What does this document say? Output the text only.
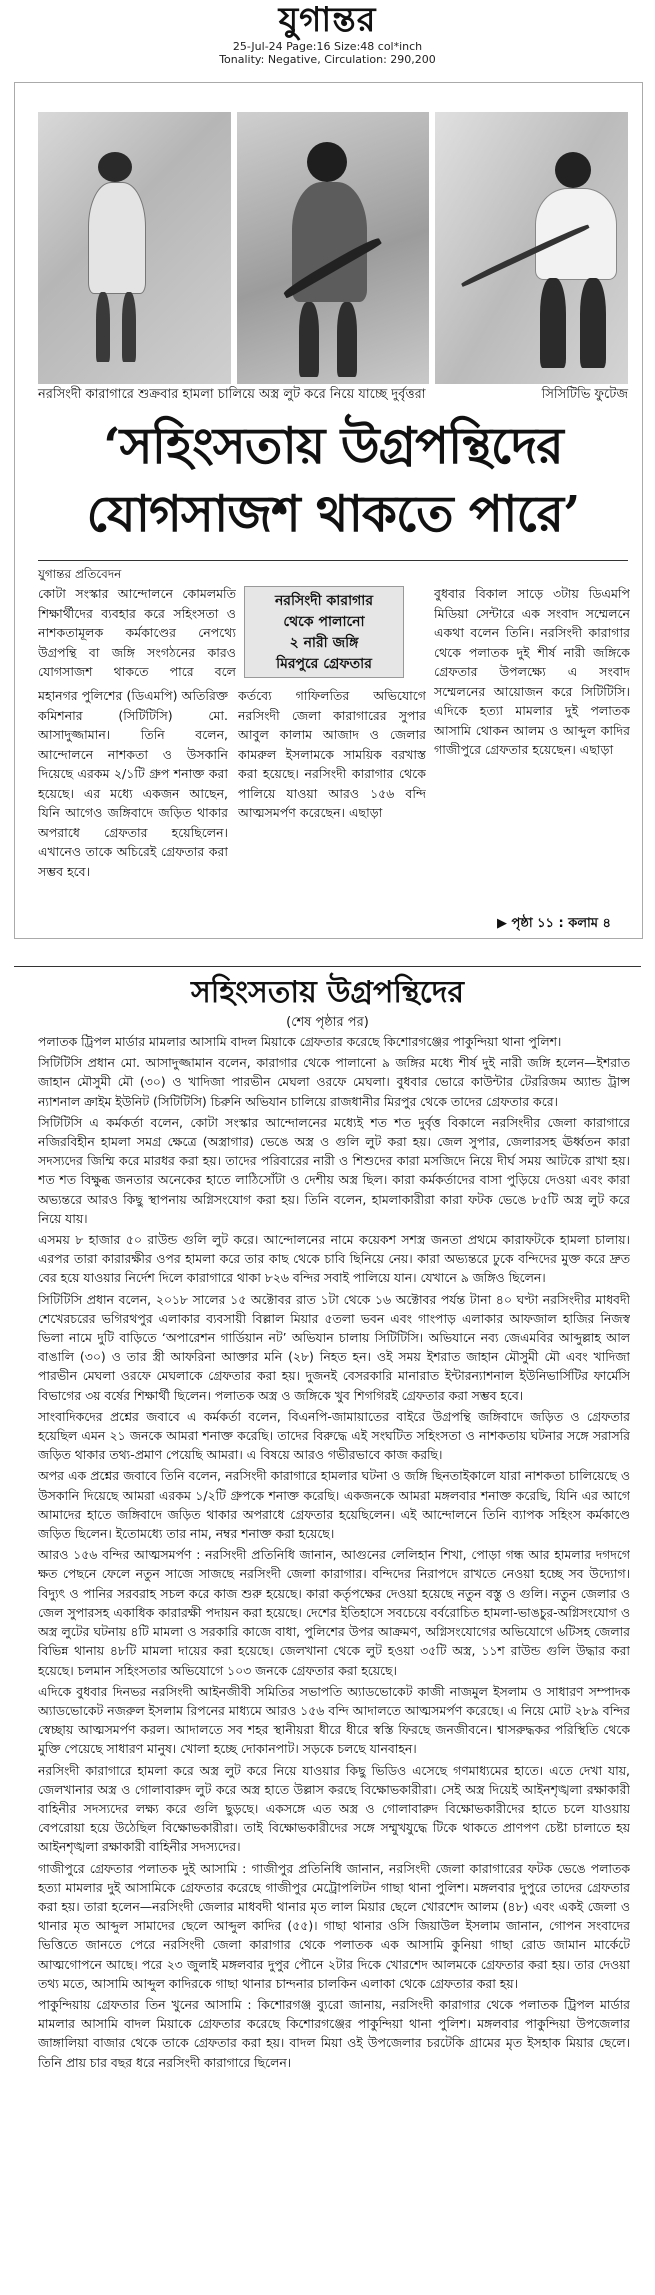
যুগান্তর
25-Jul-24 Page:16 Size:48 col*inch
Tonality: Negative, Circulation: 290,200
নরসিংদী কারাগারে শুক্রবার হামলা চালিয়ে অস্ত্র লুট করে নিয়ে যাচ্ছে দুর্বৃত্তরা	সিসিটিভি ফুটেজ
‘সহিংসতায় উগ্রপন্থিদের
যোগসাজশ থাকতে পারে’
যুগান্তর প্রতিবেদন
কোটা সংস্কার আন্দোলনে কোমলমতি শিক্ষার্থীদের ব্যবহার করে সহিংসতা ও নাশকতামূলক কর্মকাণ্ডের নেপথ্যে উগ্রপন্থি বা জঙ্গি সংগঠনের কারও যোগসাজশ থাকতে পারে বলে
মহানগর পুলিশের (ডিএমপি) অতিরিক্ত কমিশনার (সিটিটিসি) মো. আসাদুজ্জামান। তিনি বলেন, আন্দোলনে নাশকতা ও উসকানি দিয়েছে এরকম ২/১টি গ্রুপ শনাক্ত করা হয়েছে। এর মধ্যে একজন আছেন, যিনি আগেও জঙ্গিবাদে জড়িত থাকার অপরাধে গ্রেফতার হয়েছিলেন। এখানেও তাকে অচিরেই গ্রেফতার করা সম্ভব হবে।
নরসিংদী কারাগার
থেকে পালানো
২ নারী জঙ্গি
মিরপুরে গ্রেফতার
কর্তব্যে গাফিলতির অভিযোগে নরসিংদী জেলা কারাগারের সুপার আবুল কালাম আজাদ ও জেলার কামরুল ইসলামকে সাময়িক বরখাস্ত করা হয়েছে। নরসিংদী কারাগার থেকে পালিয়ে যাওয়া আরও ১৫৬ বন্দি আত্মসমর্পণ করেছেন। এছাড়া
বুধবার বিকাল সাড়ে ৩টায় ডিএমপি মিডিয়া সেন্টারে এক সংবাদ সম্মেলনে একথা বলেন তিনি। নরসিংদী কারাগার থেকে পলাতক দুই শীর্ষ নারী জঙ্গিকে গ্রেফতার উপলক্ষ্যে এ সংবাদ সম্মেলনের আয়োজন করে সিটিটিসি। এদিকে হত্যা মামলার দুই পলাতক আসামি থোকন আলম ও আব্দুল কাদির গাজীপুরে গ্রেফতার হয়েছেন। এছাড়া
▶ পৃষ্ঠা ১১ : কলাম ৪
সহিংসতায় উগ্রপন্থিদের
(শেষ পৃষ্ঠার পর)

পলাতক ট্রিপল মার্ডার মামলার আসামি বাদল মিয়াকে গ্রেফতার করেছে কিশোরগঞ্জের পাকুন্দিয়া থানা পুলিশ।

সিটিটিসি প্রধান মো. আসাদুজ্জামান বলেন, কারাগার থেকে পালানো ৯ জঙ্গির মধ্যে শীর্ষ দুই নারী জঙ্গি হলেন—ইশরাত জাহান মৌসুমী মৌ (৩০) ও খাদিজা পারভীন মেঘলা ওরফে মেঘলা। বুধবার ভোরে কাউন্টার টেররিজম অ্যান্ড ট্রান্স ন্যাশনাল ক্রাইম ইউনিট (সিটিটিসি) চিরুনি অভিযান চালিয়ে রাজধানীর মিরপুর থেকে তাদের গ্রেফতার করে।

সিটিটিসি এ কর্মকর্তা বলেন, কোটা সংস্কার আন্দোলনের মধ্যেই শত শত দুর্বৃত্ত বিকালে নরসিংদীর জেলা কারাগারে নজিরবিহীন হামলা সমগ্র ক্ষেত্রে (অস্ত্রাগার) ভেঙে অস্ত্র ও গুলি লুট করা হয়। জেল সুপার, জেলারসহ ঊর্ধ্বতন কারা সদস্যদের জিম্মি করে মারধর করা হয়। তাদের পরিবারের নারী ও শিশুদের কারা মসজিদে নিয়ে দীর্ঘ সময় আটকে রাখা হয়। শত শত বিক্ষুব্ধ জনতার অনেকের হাতে লাঠিসোঁটা ও দেশীয় অস্ত্র ছিল। কারা কর্মকর্তাদের বাসা পুড়িয়ে দেওয়া এবং কারা অভ্যন্তরে আরও কিছু স্থাপনায় অগ্নিসংযোগ করা হয়। তিনি বলেন, হামলাকারীরা কারা ফটক ভেঙে ৮৫টি অস্ত্র লুট করে নিয়ে যায়।

এসময় ৮ হাজার ৫০ রাউন্ড গুলি লুট করে। আন্দোলনের নামে কয়েকশ সশস্ত্র জনতা প্রথমে কারাফটকে হামলা চালায়। এরপর তারা কারারক্ষীর ওপর হামলা করে তার কাছ থেকে চাবি ছিনিয়ে নেয়। কারা অভ্যন্তরে ঢুকে বন্দিদের মুক্ত করে দ্রুত বের হয়ে যাওয়ার নির্দেশ দিলে কারাগারে থাকা ৮২৬ বন্দির সবাই পালিয়ে যান। যেখানে ৯ জঙ্গিও ছিলেন।

সিটিটিসি প্রধান বলেন, ২০১৮ সালের ১৫ অক্টোবর রাত ১টা থেকে ১৬ অক্টোবর পর্যন্ত টানা ৪০ ঘণ্টা নরসিংদীর মাধবদী শেখেরচরের ভগিরথপুর এলাকার ব্যবসায়ী বিল্লাল মিয়ার ৫তলা ভবন এবং গাংপাড় এলাকার আফজাল হাজির নিজস্ব ভিলা নামে দুটি বাড়িতে ‘অপারেশন গার্ডিয়ান নট’ অভিযান চালায় সিটিটিসি। অভিযানে নব্য জেএমবির আব্দুল্লাহ আল বাঙালি (৩০) ও তার স্ত্রী আফরিনা আক্তার মনি (২৮) নিহত হন। ওই সময় ইশরাত জাহান মৌসুমী মৌ এবং খাদিজা পারভীন মেঘলা ওরফে মেঘলাকে গ্রেফতার করা হয়। দুজনই বেসরকারি মানারাত ইন্টারন্যাশনাল ইউনিভার্সিটির ফার্মেসি বিভাগের ৩য় বর্ষের শিক্ষার্থী ছিলেন। পলাতক অস্ত্র ও জঙ্গিকে খুব শিগগিরই গ্রেফতার করা সম্ভব হবে।

সাংবাদিকদের প্রশ্নের জবাবে এ কর্মকর্তা বলেন, বিএনপি-জামায়াতের বাইরে উগ্রপন্থি জঙ্গিবাদে জড়িত ও গ্রেফতার হয়েছিল এমন ২১ জনকে আমরা শনাক্ত করেছি। তাদের বিরুদ্ধে এই সংঘটিত সহিংসতা ও নাশকতায় ঘটনার সঙ্গে সরাসরি জড়িত থাকার তথ্য-প্রমাণ পেয়েছি আমরা। এ বিষয়ে আরও গভীরভাবে কাজ করছি।

অপর এক প্রশ্নের জবাবে তিনি বলেন, নরসিংদী কারাগারে হামলার ঘটনা ও জঙ্গি ছিনতাইকালে যারা নাশকতা চালিয়েছে ও উসকানি দিয়েছে আমরা এরকম ১/২টি গ্রুপকে শনাক্ত করেছি। একজনকে আমরা মঙ্গলবার শনাক্ত করেছি, যিনি এর আগে আমাদের হাতে জঙ্গিবাদে জড়িত থাকার অপরাধে গ্রেফতার হয়েছিলেন। এই আন্দোলনে তিনি ব্যাপক সহিংস কর্মকাণ্ডে জড়িত ছিলেন। ইতোমধ্যে তার নাম, নম্বর শনাক্ত করা হয়েছে।

আরও ১৫৬ বন্দির আত্মসমর্পণ : নরসিংদী প্রতিনিধি জানান, আগুনের লেলিহান শিখা, পোড়া গন্ধ আর হামলার দগদগে ক্ষত পেছনে ফেলে নতুন সাজে সাজছে নরসিংদী জেলা কারাগার। বন্দিদের নিরাপদে রাখতে নেওয়া হচ্ছে সব উদ্যোগ। বিদ্যুৎ ও পানির সরবরাহ সচল করে কাজ শুরু হয়েছে। কারা কর্তৃপক্ষের দেওয়া হয়েছে নতুন বস্তু ও গুলি। নতুন জেলার ও জেল সুপারসহ একাধিক কারারক্ষী পদায়ন করা হয়েছে। দেশের ইতিহাসে সবচেয়ে বর্বরোচিত হামলা-ভাঙচুর-অগ্নিসংযোগ ও অস্ত্র লুটের ঘটনায় ৪টি মামলা ও সরকারি কাজে বাধা, পুলিশের উপর আক্রমণ, অগ্নিসংযোগের অভিযোগে ৬টিসহ জেলার বিভিন্ন থানায় ৪৮টি মামলা দায়ের করা হয়েছে। জেলখানা থেকে লুট হওয়া ৩৫টি অস্ত্র, ১১শ রাউন্ড গুলি উদ্ধার করা হয়েছে। চলমান সহিংসতার অভিযোগে ১০৩ জনকে গ্রেফতার করা হয়েছে।

এদিকে বুধবার দিনভর নরসিংদী আইনজীবী সমিতির সভাপতি অ্যাডভোকেট কাজী নাজমুল ইসলাম ও সাধারণ সম্পাদক অ্যাডভোকেট নজরুল ইসলাম রিপনের মাধ্যমে আরও ১৫৬ বন্দি আদালতে আত্মসমর্পণ করেছে। এ নিয়ে মোট ২৮৯ বন্দির স্বেচ্ছায় আত্মসমর্পণ করল। আদালতে সব শহর স্থানীয়রা ধীরে ধীরে স্বস্তি ফিরছে জনজীবনে। শ্বাসরুদ্ধকর পরিস্থিতি থেকে মুক্তি পেয়েছে সাধারণ মানুষ। খোলা হচ্ছে দোকানপাট। সড়কে চলছে যানবাহন।

নরসিংদী কারাগারে হামলা করে অস্ত্র লুট করে নিয়ে যাওয়ার কিছু ভিডিও এসেছে গণমাধ্যমের হাতে। এতে দেখা যায়, জেলখানার অস্ত্র ও গোলাবারুদ লুট করে অস্ত্র হাতে উল্লাস করছে বিক্ষোভকারীরা। সেই অস্ত্র দিয়েই আইনশৃঙ্খলা রক্ষাকারী বাহিনীর সদস্যদের লক্ষ্য করে গুলি ছুড়ছে। একসঙ্গে এত অস্ত্র ও গোলাবারুদ বিক্ষোভকারীদের হাতে চলে যাওয়ায় বেপরোয়া হয়ে উঠেছিল বিক্ষোভকারীরা। তাই বিক্ষোভকারীদের সঙ্গে সম্মুখযুদ্ধে টিকে থাকতে প্রাণপণ চেষ্টা চালাতে হয় আইনশৃঙ্খলা রক্ষাকারী বাহিনীর সদস্যদের।

গাজীপুরে গ্রেফতার পলাতক দুই আসামি : গাজীপুর প্রতিনিধি জানান, নরসিংদী জেলা কারাগারের ফটক ভেঙে পলাতক হত্যা মামলার দুই আসামিকে গ্রেফতার করেছে গাজীপুর মেট্রোপলিটন গাছা থানা পুলিশ। মঙ্গলবার দুপুরে তাদের গ্রেফতার করা হয়। তারা হলেন—নরসিংদী জেলার মাধবদী থানার মৃত লাল মিয়ার ছেলে খোরশেদ আলম (৪৮) এবং একই জেলা ও থানার মৃত আব্দুল সামাদের ছেলে আব্দুল কাদির (৫৫)। গাছা থানার ওসি জিয়াউল ইসলাম জানান, গোপন সংবাদের ভিত্তিতে জানতে পেরে নরসিংদী জেলা কারাগার থেকে পলাতক এক আসামি কুনিয়া গাছা রোড জামান মার্কেটে আত্মগোপনে আছে। পরে ২৩ জুলাই মঙ্গলবার দুপুর পৌনে ২টার দিকে খোরশেদ আলমকে গ্রেফতার করা হয়। তার দেওয়া তথ্য মতে, আসামি আব্দুল কাদিরকে গাছা থানার চান্দনার চালকিন এলাকা থেকে গ্রেফতার করা হয়।

পাকুন্দিয়ায় গ্রেফতার তিন খুনের আসামি : কিশোরগঞ্জ ব্যুরো জানায়, নরসিংদী কারাগার থেকে পলাতক ট্রিপল মার্ডার মামলার আসামি বাদল মিয়াকে গ্রেফতার করেছে কিশোরগঞ্জের পাকুন্দিয়া থানা পুলিশ। মঙ্গলবার পাকুন্দিয়া উপজেলার জাঙ্গালিয়া বাজার থেকে তাকে গ্রেফতার করা হয়। বাদল মিয়া ওই উপজেলার চরটেকি গ্রামের মৃত ইসহাক মিয়ার ছেলে। তিনি প্রায় চার বছর ধরে নরসিংদী কারাগারে ছিলেন।
